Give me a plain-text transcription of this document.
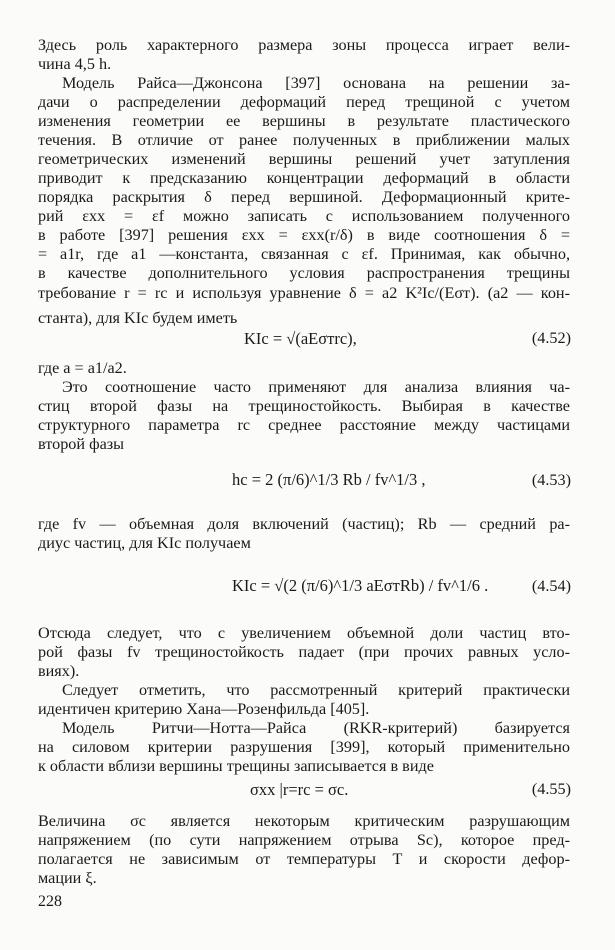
Здесь роль характерного размера зоны процесса играет вели-
чина 4,5 h.
Модель Райса—Джонсона [397] основана на решении за-
дачи о распределении деформаций перед трещиной с учетом
изменения геометрии ее вершины в результате пластического
течения. В отличие от ранее полученных в приближении малых
геометрических изменений вершины решений учет затупления
приводит к предсказанию концентрации деформаций в области
порядка раскрытия δ перед вершиной. Деформационный крите-
рий εxx = εf можно записать с использованием полученного
в работе [397] решения εxx = εxx(r/δ) в виде соотношения δ =
= a1r, где a1 —константа, связанная с εf. Принимая, как обычно,
в качестве дополнительного условия распространения трещины
требование r = rc и используя уравнение δ = a2 K²Ic/(Eσт). (a2 — кон-
станта), для KIc будем иметь
KIc = √(aEσтrc),	(4.52)
где a = a1/a2.
Это соотношение часто применяют для анализа влияния ча-
стиц второй фазы на трещиностойкость. Выбирая в качестве
структурного параметра rc среднее расстояние между частицами
второй фазы
hc = 2 (π/6)^1/3 Rb / fv^1/3 ,	(4.53)
где fv — объемная доля включений (частиц); Rb — средний ра-
диус частиц, для KIc получаем
KIc = √(2 (π/6)^1/3 aEσтRb) / fv^1/6 .	(4.54)
Отсюда следует, что с увеличением объемной доли частиц вто-
рой фазы fv трещиностойкость падает (при прочих равных усло-
виях).
Следует отметить, что рассмотренный критерий практически
идентичен критерию Хана—Розенфильда [405].
Модель Ритчи—Нотта—Райса (RKR-критерий) базируется
на силовом критерии разрушения [399], который применительно
к области вблизи вершины трещины записывается в виде
σxx |r=rc = σc.	(4.55)
Величина σc является некоторым критическим разрушающим
напряжением (по сути напряжением отрыва Sc), которое пред-
полагается не зависимым от температуры T и скорости дефор-
мации ξ.
228
